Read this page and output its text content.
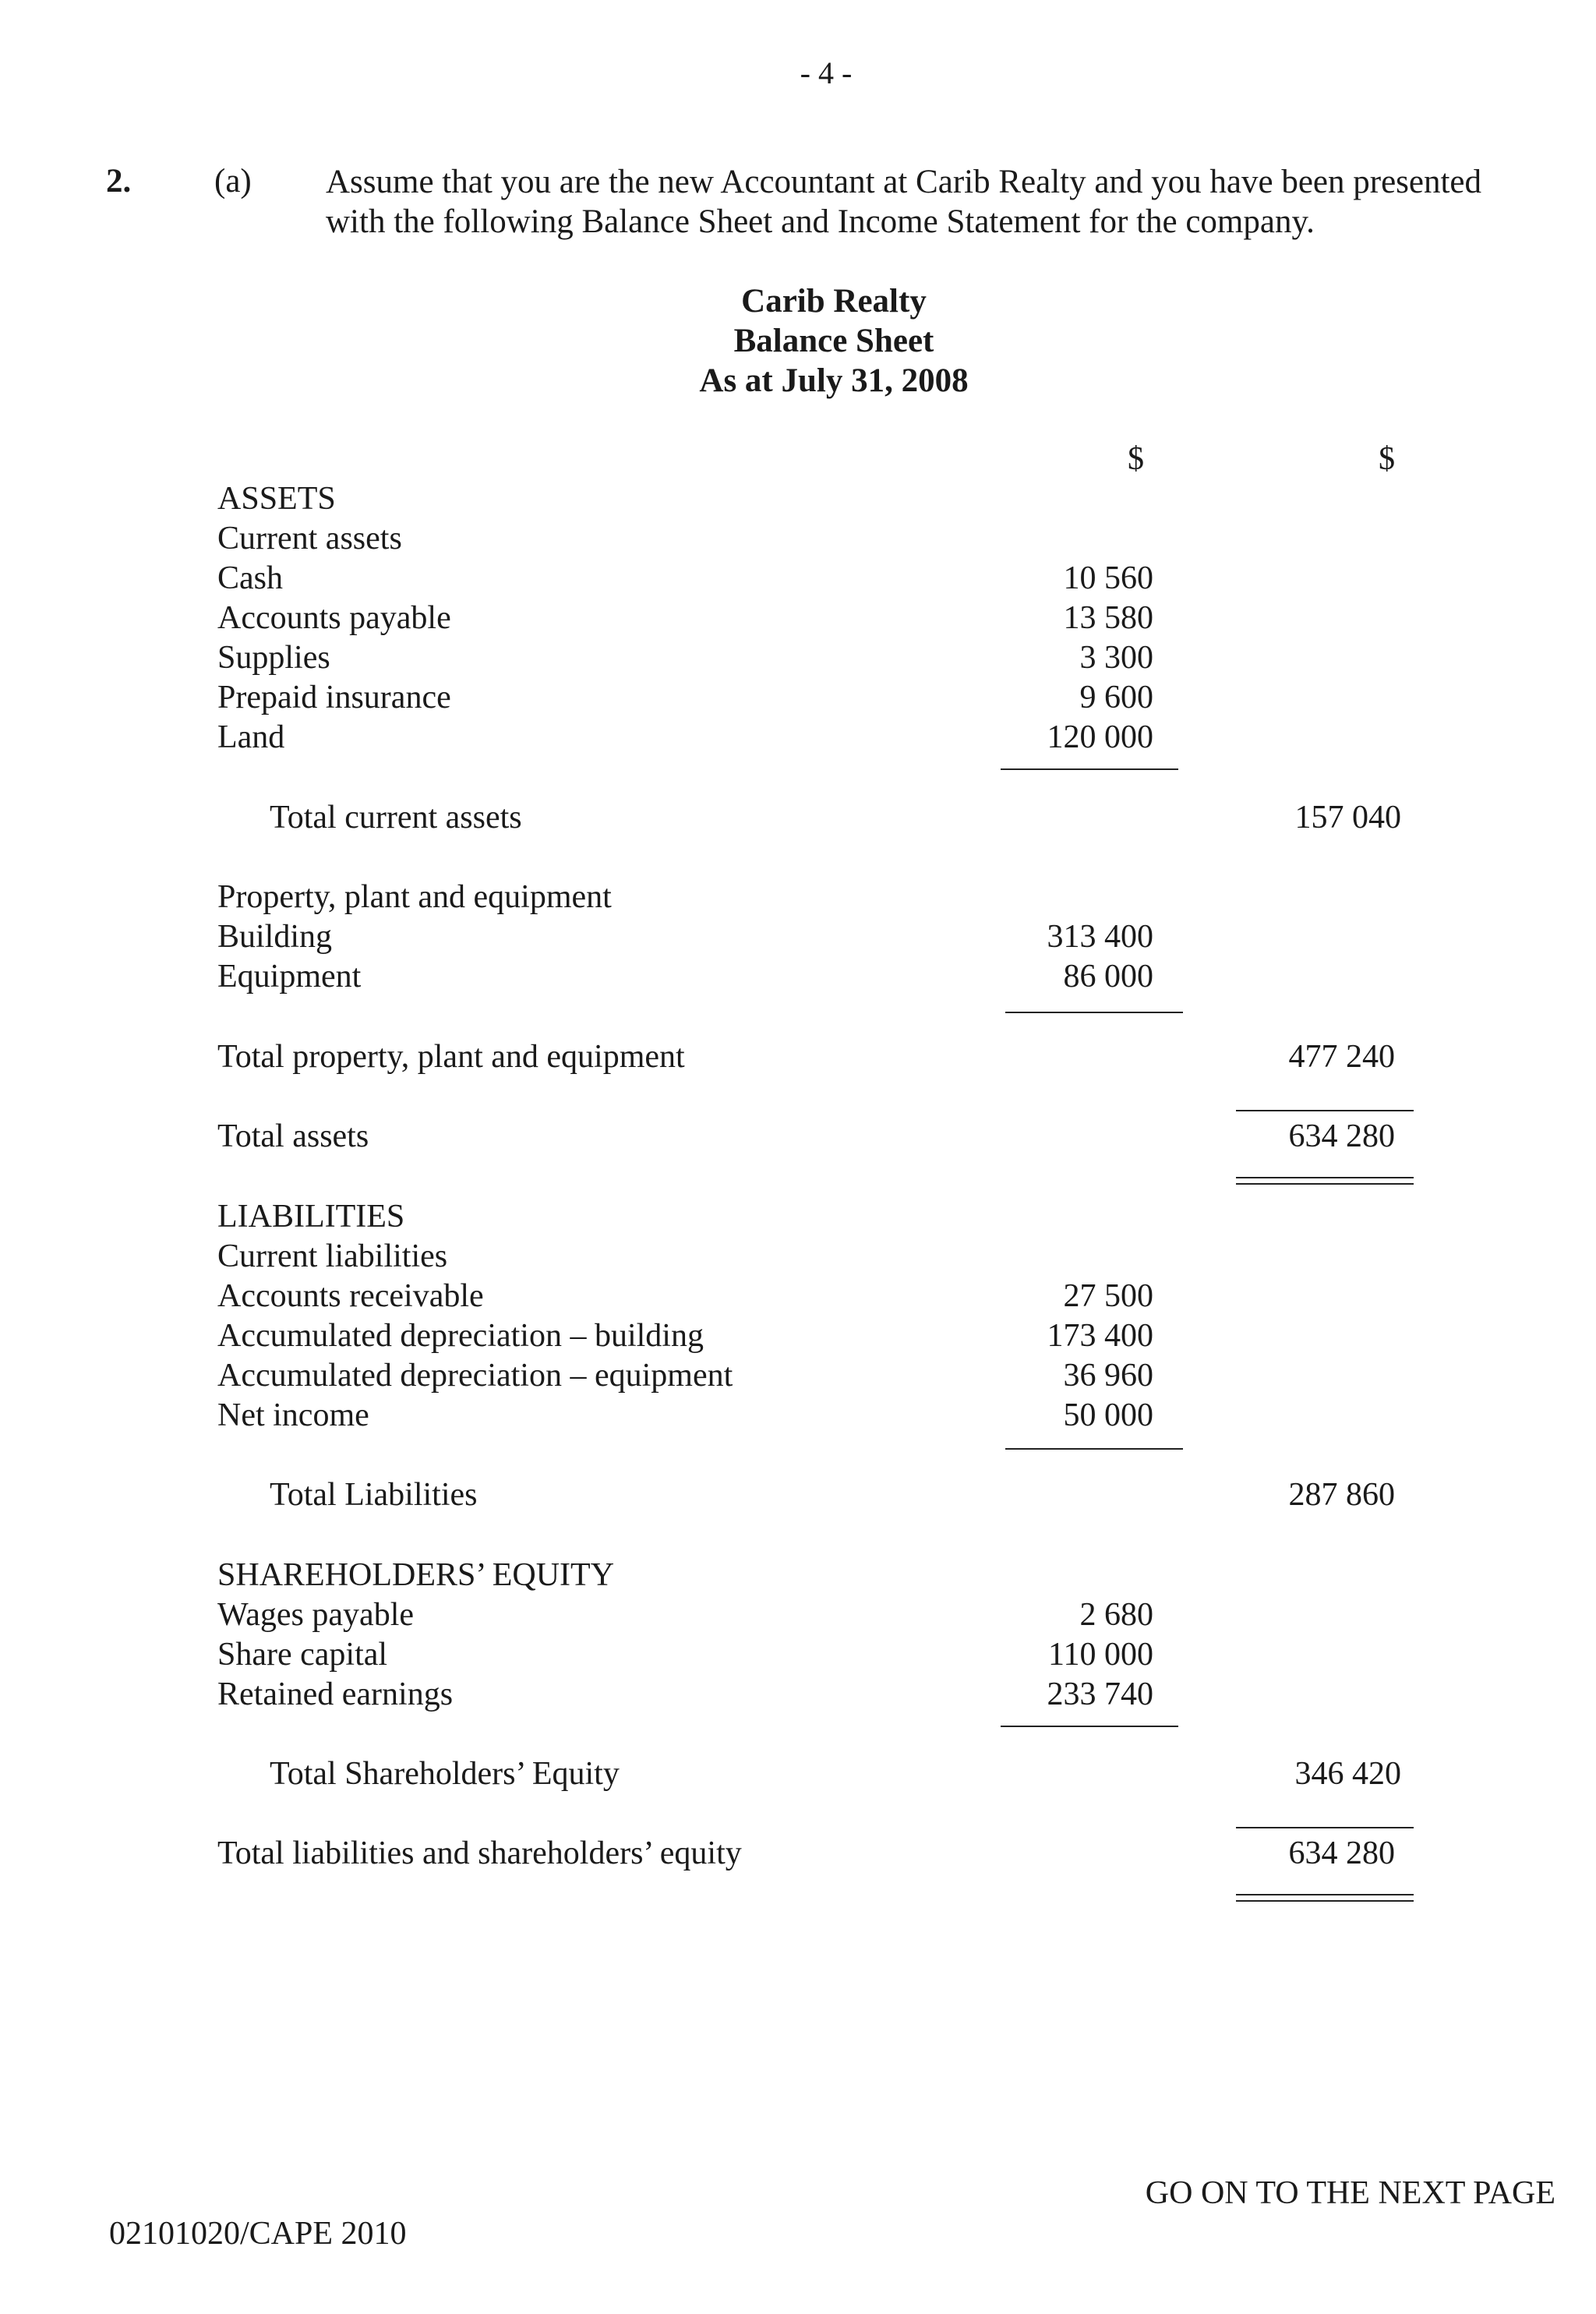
- 4 -
2. (a) Assume that you are the new Accountant at Carib Realty and you have been presented
with the following Balance Sheet and Income Statement for the company.
Carib Realty
Balance Sheet
As at July 31, 2008
$	$
ASSETS
Current assets
Cash	10 560
Accounts payable	13 580
Supplies	3 300
Prepaid insurance	9 600
Land	120 000
Total current assets	157 040
Property, plant and equipment
Building	313 400
Equipment	86 000
Total property, plant and equipment	477 240
Total assets	634 280
LIABILITIES
Current liabilities
Accounts receivable	27 500
Accumulated depreciation – building	173 400
Accumulated depreciation – equipment	36 960
Net income	50 000
Total Liabilities	287 860
SHAREHOLDERS’ EQUITY
Wages payable	2 680
Share capital	110 000
Retained earnings	233 740
Total Shareholders’ Equity	346 420
Total liabilities and shareholders’ equity	634 280
GO ON TO THE NEXT PAGE
02101020/CAPE 2010
